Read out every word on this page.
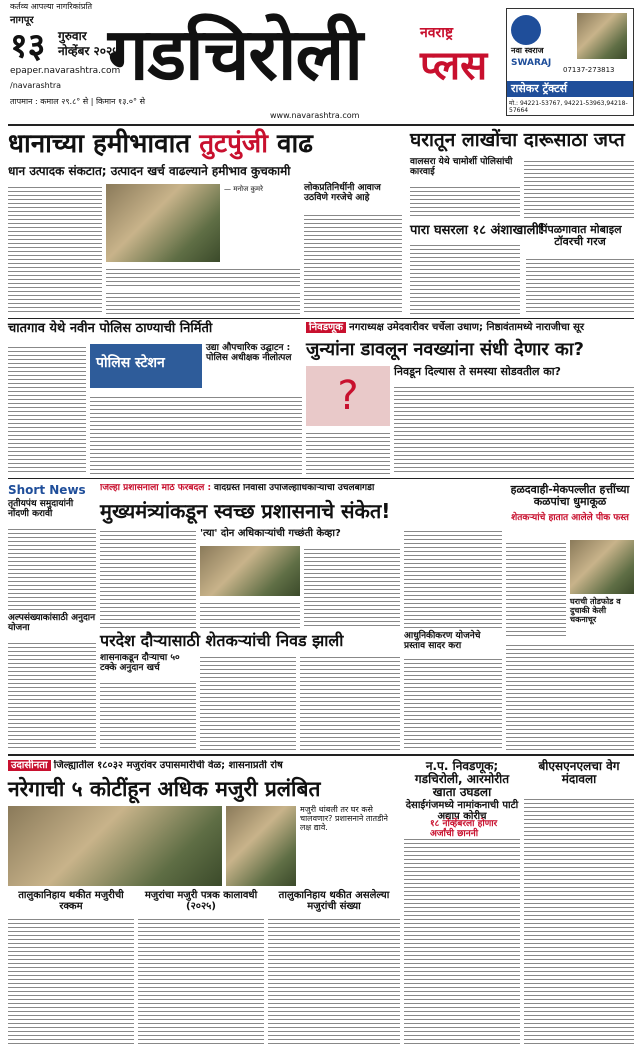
कर्तव्य आपल्या नागरिकांप्रति
नागपूर
१३ गुरुवार
नोव्हेंबर २०२५
epaper.navarashtra.com
/navarashtra
तापमान : कमाल २९.८° से | किमान १३.०° से
गडचिरोली	नवराष्ट्र
प्लस
www.navarashtra.com
नवा स्वराज
SWARAJ
07137-273813
रासेकर ट्रॅक्टर्स
मो.: 94221-53767, 94221-53963,94218-57664
धानाच्या हमीभावात तुटपुंजी वाढ
धान उत्पादक संकटात; उत्पादन खर्च वाढल्याने हमीभाव कुचकामी
— मनोज कुमरे	लोकप्रतिनिधींनी आवाज उठविणे गरजेचे आहे
घरातून लाखोंचा दारूसाठा जप्त
वालसरा येथे चामोर्शी पोलिसांची कारवाई
पारा घसरला १८ अंशाखाली!
पिंपळगावात मोबाइल टॉवरची गरज
चातगाव येथे नवीन पोलिस ठाण्याची निर्मिती
पोलिस स्टेशन
उद्या औपचारिक उद्घाटन : पोलिस अधीक्षक नीलोत्पल
निवडणूक नगराध्यक्ष उमेदवारीवर चर्चेला उधाण; निष्ठावंतामध्ये नाराजीचा सूर
जुन्यांना डावलून नवख्यांना संधी देणार का?
?
निवडून दिल्यास ते समस्या सोडवतील का?
Short News
तृतीयपंथ समुदायांनी नोंदणी करावी
अल्पसंख्याकांसाठी अनुदान योजना
जिल्हा प्रशासनाला मोठे फेरबदल : वादग्रस्त निवासी उपजिल्हाधिकाऱ्यांची उचलबांगडी
मुख्यमंत्र्यांकडून स्वच्छ प्रशासनाचे संकेत!
'त्या' दोन अधिकाऱ्यांची गच्छंती केव्हा?
परदेश दौऱ्यासाठी शेतकऱ्यांची निवड झाली
शासनाकडून दौऱ्याचा ५० टक्के अनुदान खर्च
आधुनिकीकरण योजनेचे प्रस्ताव सादर करा
हळदवाही-मेकपल्लीत हत्तींच्या कळपांचा धुमाकूळ
शेतकऱ्यांचे हातात आलेले पीक फस्त
घराची तोडफोड व दुचाकी केली चकनाचूर
उदासीनता जिल्ह्यातील १८०३२ मजुरांवर उपासमारीची वेळ; शासनाप्रती रोष
नरेगाची ५ कोटींहून अधिक मजुरी प्रलंबित
मजुरी थांबली तर घर कसे चालवणार? प्रशासनाने तातडीने लक्ष द्यावे.
तालुकानिहाय थकीत मजुरीची रक्कम
मजुरांचा मजुरी पत्रक कालावधी (२०२५)
तालुकानिहाय थकीत असलेल्या मजुरांची संख्या
न.प. निवडणूक; गडचिरोली, आरमोरीत खाता उघडला
देसाईगंजमध्ये नामांकनाची पाटी अद्याप कोरीच
१८ नोव्हेंबरला होणार अर्जांची छाननी
बीएसएनएलचा वेग मंदावला
